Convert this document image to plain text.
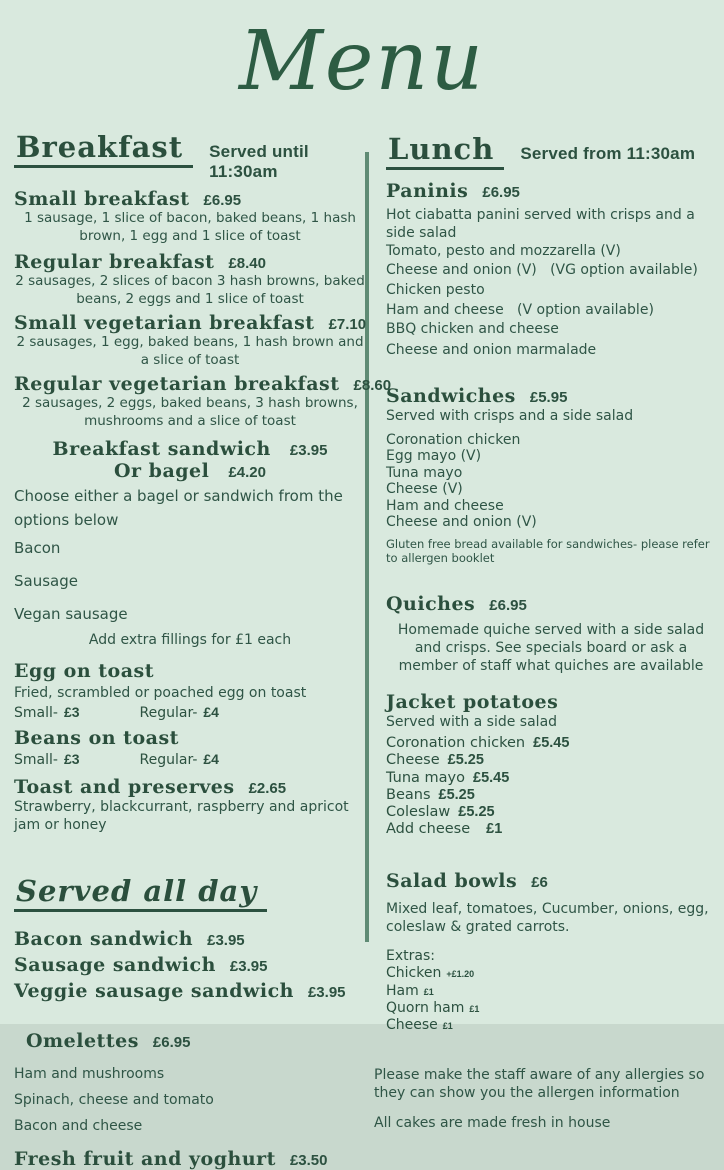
Menu
Breakfast	Served until 11:30am
Small breakfast £6.95
1 sausage, 1 slice of bacon, baked beans, 1 hash brown, 1 egg and 1 slice of toast
Regular breakfast £8.40
2 sausages, 2 slices of bacon 3 hash browns, baked beans, 2 eggs and 1 slice of toast
Small vegetarian breakfast £7.10
2 sausages, 1 egg, baked beans, 1 hash brown and a slice of toast
Regular vegetarian breakfast £8.60
2 sausages, 2 eggs, baked beans, 3 hash browns, mushrooms and a slice of toast
Breakfast sandwich £3.95
Or bagel £4.20
Choose either a bagel or sandwich from the options below
Bacon
Sausage
Vegan sausage
Add extra fillings for £1 each
Egg on toast
Fried, scrambled or poached egg on toast
Small- £3	Regular- £4
Beans on toast
Small- £3	Regular- £4
Toast and preserves £2.65
Strawberry, blackcurrant, raspberry and apricot jam or honey
Served all day
Bacon sandwich £3.95
Sausage sandwich £3.95
Veggie sausage sandwich £3.95
Omelettes £6.95
Ham and mushrooms
Spinach, cheese and tomato
Bacon and cheese
Fresh fruit and yoghurt £3.50
Lunch	Served from 11:30am
Paninis £6.95
Hot ciabatta panini served with crisps and a side salad
Tomato, pesto and mozzarella (V)
Cheese and onion (V)   (VG option available)
Chicken pesto
Ham and cheese   (V option available)
BBQ chicken and cheese
Cheese and onion marmalade
Sandwiches £5.95
Served with crisps and a side salad
Coronation chicken
Egg mayo (V)
Tuna mayo
Cheese (V)
Ham and cheese
Cheese and onion (V)
Gluten free bread available for sandwiches- please refer to allergen booklet
Quiches £6.95
Homemade quiche served with a side salad and crisps. See specials board or ask a member of staff what quiches are available
Jacket potatoes
Served with a side salad
Coronation chicken £5.45
Cheese £5.25
Tuna mayo £5.45
Beans £5.25
Coleslaw £5.25
Add cheese £1
Salad bowls £6
Mixed leaf, tomatoes, Cucumber, onions, egg, coleslaw & grated carrots.
Extras:
Chicken +£1.20
Ham £1
Quorn ham £1
Cheese £1
Please make the staff aware of any allergies so they can show you the allergen information
All cakes are made fresh in house
